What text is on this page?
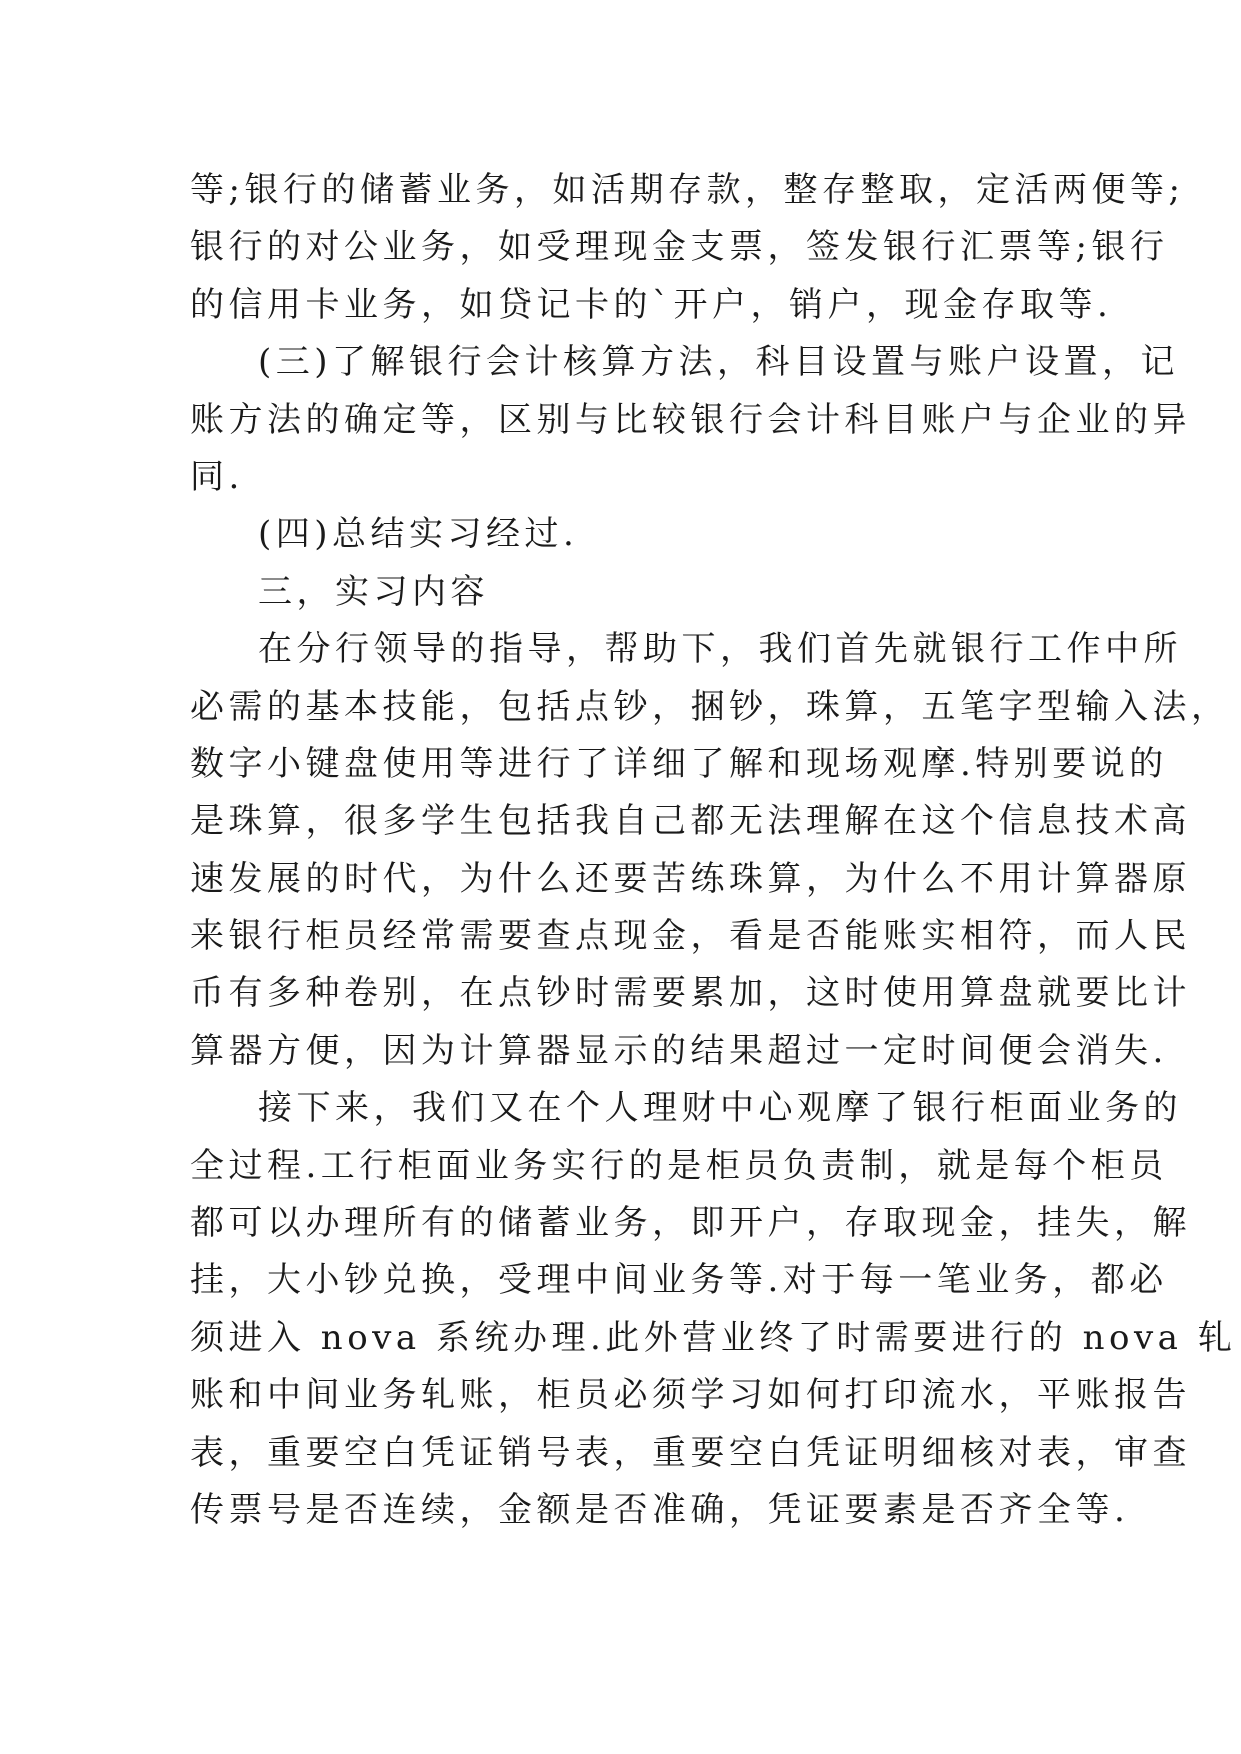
等;银行的储蓄业务，如活期存款，整存整取，定活两便等;
银行的对公业务，如受理现金支票，签发银行汇票等;银行
的信用卡业务，如贷记卡的`开户，销户，现金存取等.
(三)了解银行会计核算方法，科目设置与账户设置，记
账方法的确定等，区别与比较银行会计科目账户与企业的异
同.
(四)总结实习经过.
三，实习内容
在分行领导的指导，帮助下，我们首先就银行工作中所
必需的基本技能，包括点钞，捆钞，珠算，五笔字型输入法，
数字小键盘使用等进行了详细了解和现场观摩.特别要说的
是珠算，很多学生包括我自己都无法理解在这个信息技术高
速发展的时代，为什么还要苦练珠算，为什么不用计算器原
来银行柜员经常需要查点现金，看是否能账实相符，而人民
币有多种卷别，在点钞时需要累加，这时使用算盘就要比计
算器方便，因为计算器显示的结果超过一定时间便会消失.
接下来，我们又在个人理财中心观摩了银行柜面业务的
全过程.工行柜面业务实行的是柜员负责制，就是每个柜员
都可以办理所有的储蓄业务，即开户，存取现金，挂失，解
挂，大小钞兑换，受理中间业务等.对于每一笔业务，都必
须进入 nova 系统办理.此外营业终了时需要进行的 nova 轧
账和中间业务轧账，柜员必须学习如何打印流水，平账报告
表，重要空白凭证销号表，重要空白凭证明细核对表，审查
传票号是否连续，金额是否准确，凭证要素是否齐全等.
